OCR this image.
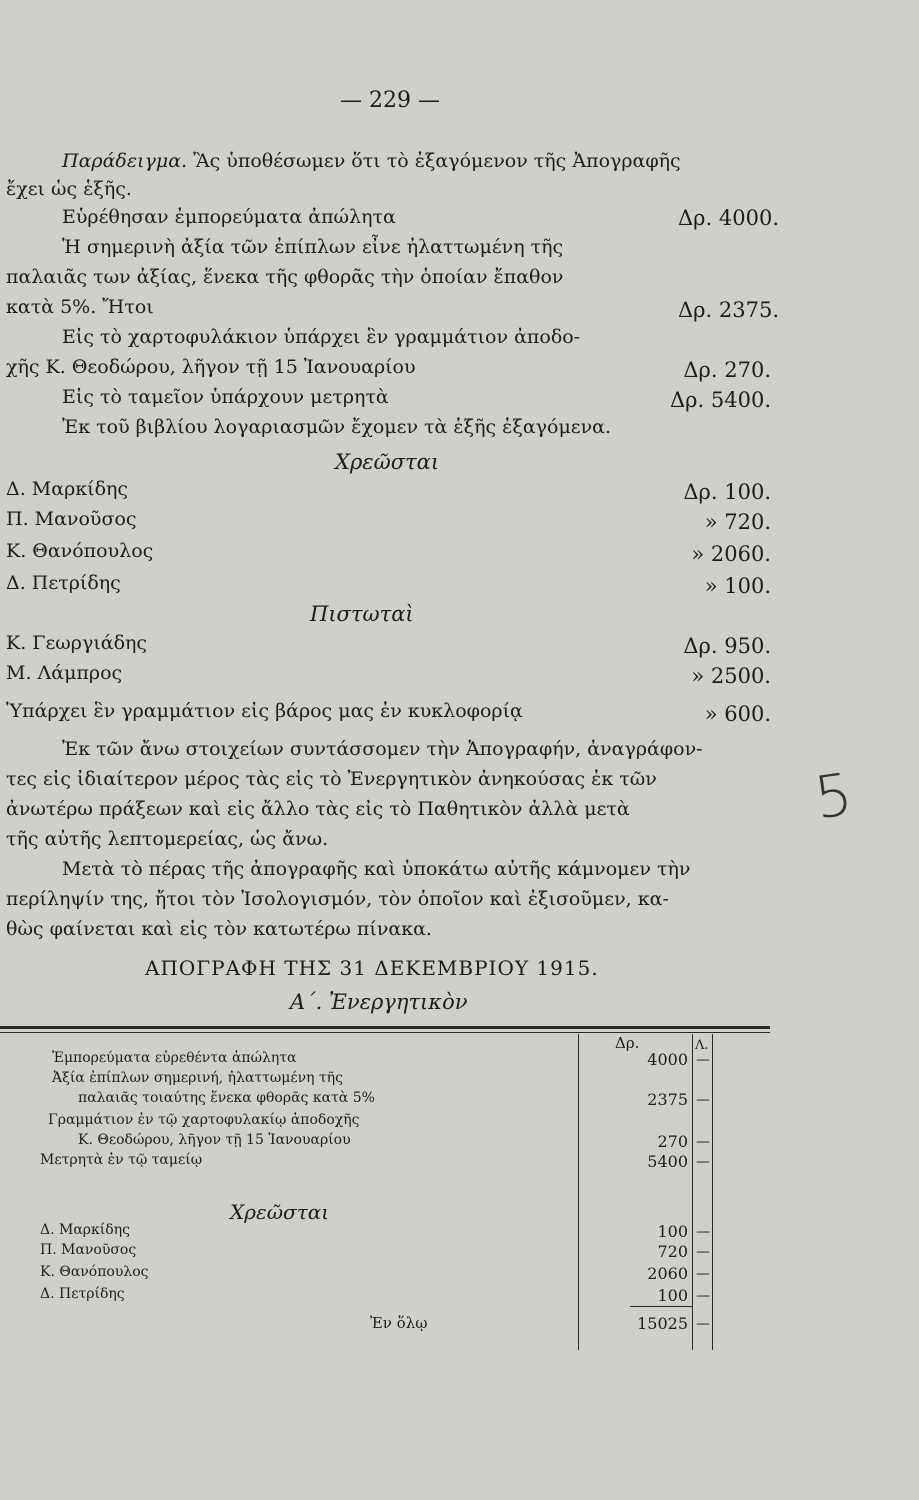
— 229 —
Παράδειγμα. Ἂς ὑποθέσωμεν ὅτι τὸ ἐξαγόμενον τῆς Ἀπογραφῆς
ἔχει ὡς ἑξῆς.
Εὑρέθησαν ἐμπορεύματα ἀπώλητα	Δρ. 4000.
Ἡ σημερινὴ ἀξία τῶν ἐπίπλων εἶνε ἠλαττωμένη τῆς
παλαιᾶς των ἀξίας, ἕνεκα τῆς φθορᾶς τὴν ὁποίαν ἔπαθον
κατὰ 5%. Ἤτοι	Δρ. 2375.
Εἰς τὸ χαρτοφυλάκιον ὑπάρχει ἓν γραμμάτιον ἀποδο-
χῆς Κ. Θεοδώρου, λῆγον τῇ 15 Ἰανουαρίου	Δρ. 270.
Εἰς τὸ ταμεῖον ὑπάρχουν μετρητὰ	Δρ. 5400.
Ἐκ τοῦ βιβλίου λογαριασμῶν ἔχομεν τὰ ἑξῆς ἐξαγόμενα.
Χρεῶσται
Δ. Μαρκίδης	Δρ. 100.
Π. Μανοῦσος	» 720.
Κ. Θανόπουλος	» 2060.
Δ. Πετρίδης	» 100.
Πιστωταὶ
Κ. Γεωργιάδης	Δρ. 950.
Μ. Λάμπρος	» 2500.
Ὑπάρχει ἓν γραμμάτιον εἰς βάρος μας ἐν κυκλοφορίᾳ	» 600.
Ἐκ τῶν ἄνω στοιχείων συντάσσομεν τὴν Ἀπογραφήν, ἀναγράφον-
τες εἰς ἰδιαίτερον μέρος τὰς εἰς τὸ Ἐνεργητικὸν ἀνηκούσας ἐκ τῶν
ἀνωτέρω πράξεων καὶ εἰς ἄλλο τὰς εἰς τὸ Παθητικὸν ἀλλὰ μετὰ
τῆς αὐτῆς λεπτομερείας, ὡς ἄνω.
Μετὰ τὸ πέρας τῆς ἀπογραφῆς καὶ ὑποκάτω αὐτῆς κάμνομεν τὴν
περίληψίν της, ἤτοι τὸν Ἰσολογισμόν, τὸν ὁποῖον καὶ ἐξισοῦμεν, κα-
θὼς φαίνεται καὶ εἰς τὸν κατωτέρω πίνακα.
5
ΑΠΟΓΡΑΦΗ ΤΗΣ 31 ΔΕΚΕΜΒΡΙΟΥ 1915.
Α΄. Ἐνεργητικὸν
Δρ.	Λ.
Ἐμπορεύματα εὑρεθέντα ἀπώλητα	4000 —
Ἀξία ἐπίπλων σημερινή, ἠλαττωμένη τῆς
παλαιᾶς τοιαύτης ἕνεκα φθορᾶς κατὰ 5%	2375 —
Γραμμάτιον ἐν τῷ χαρτοφυλακίῳ ἀποδοχῆς
Κ. Θεοδώρου, λῆγον τῇ 15 Ἰανουαρίου	270 —
Μετρητὰ ἐν τῷ ταμείῳ	5400 —
Δ. Μαρκίδης	100 —
Π. Μανοῦσος	720 —
Κ. Θανόπουλος	2060 —
Δ. Πετρίδης	100 —
Χρεῶσται
Ἐν ὅλῳ	15025 —
